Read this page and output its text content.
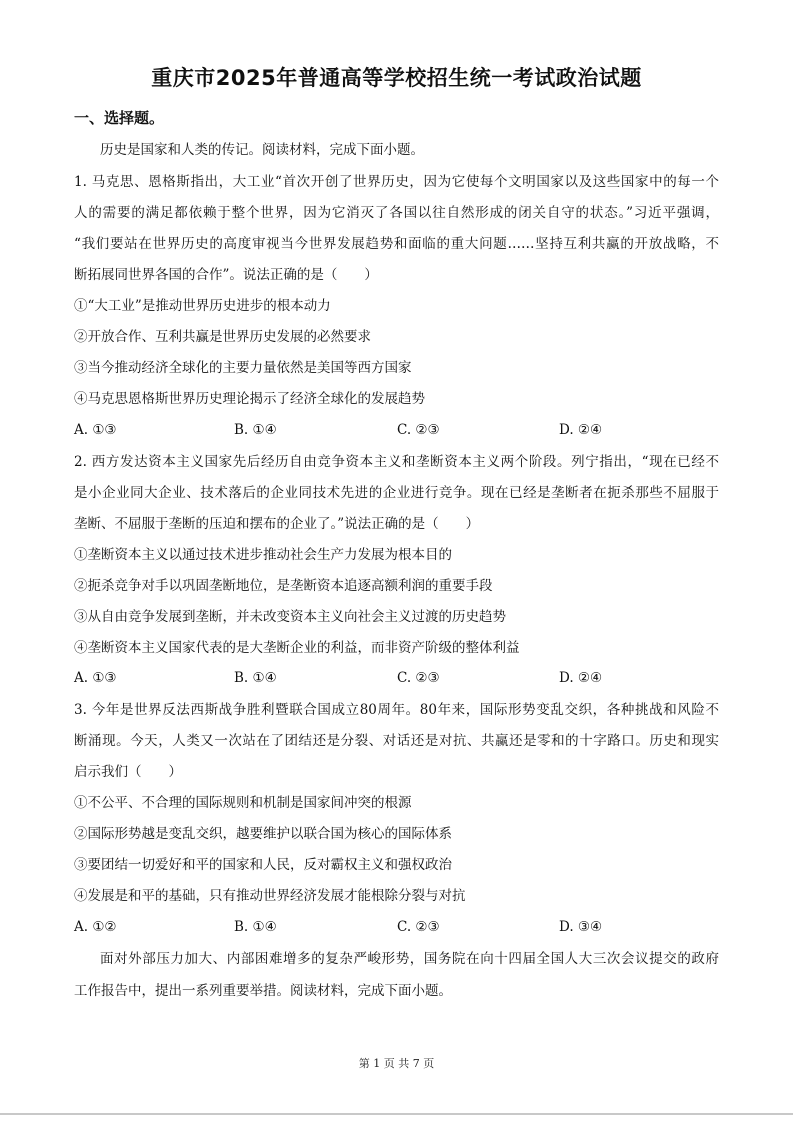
重庆市2025年普通高等学校招生统一考试政治试题
一、选择题。
历史是国家和人类的传记。阅读材料，完成下面小题。
1. 马克思、恩格斯指出，大工业“首次开创了世界历史，因为它使每个文明国家以及这些国家中的每一个
人的需要的满足都依赖于整个世界，因为它消灭了各国以往自然形成的闭关自守的状态。”习近平强调，
“我们要站在世界历史的高度审视当今世界发展趋势和面临的重大问题……坚持互利共赢的开放战略，不
断拓展同世界各国的合作”。说法正确的是（　　）
①“大工业”是推动世界历史进步的根本动力
②开放合作、互利共赢是世界历史发展的必然要求
③当今推动经济全球化的主要力量依然是美国等西方国家
④马克思恩格斯世界历史理论揭示了经济全球化的发展趋势
A. ①③	B. ①④	C. ②③	D. ②④
2. 西方发达资本主义国家先后经历自由竞争资本主义和垄断资本主义两个阶段。列宁指出，“现在已经不
是小企业同大企业、技术落后的企业同技术先进的企业进行竞争。现在已经是垄断者在扼杀那些不屈服于
垄断、不屈服于垄断的压迫和摆布的企业了。”说法正确的是（　　）
①垄断资本主义以通过技术进步推动社会生产力发展为根本目的
②扼杀竞争对手以巩固垄断地位，是垄断资本追逐高额利润的重要手段
③从自由竞争发展到垄断，并未改变资本主义向社会主义过渡的历史趋势
④垄断资本主义国家代表的是大垄断企业的利益，而非资产阶级的整体利益
A. ①③	B. ①④	C. ②③	D. ②④
3. 今年是世界反法西斯战争胜利暨联合国成立80周年。80年来，国际形势变乱交织，各种挑战和风险不
断涌现。今天，人类又一次站在了团结还是分裂、对话还是对抗、共赢还是零和的十字路口。历史和现实
启示我们（　　）
①不公平、不合理的国际规则和机制是国家间冲突的根源
②国际形势越是变乱交织，越要维护以联合国为核心的国际体系
③要团结一切爱好和平的国家和人民，反对霸权主义和强权政治
④发展是和平的基础，只有推动世界经济发展才能根除分裂与对抗
A. ①②	B. ①④	C. ②③	D. ③④
面对外部压力加大、内部困难增多的复杂严峻形势，国务院在向十四届全国人大三次会议提交的政府
工作报告中，提出一系列重要举措。阅读材料，完成下面小题。
第 1 页 共 7 页
